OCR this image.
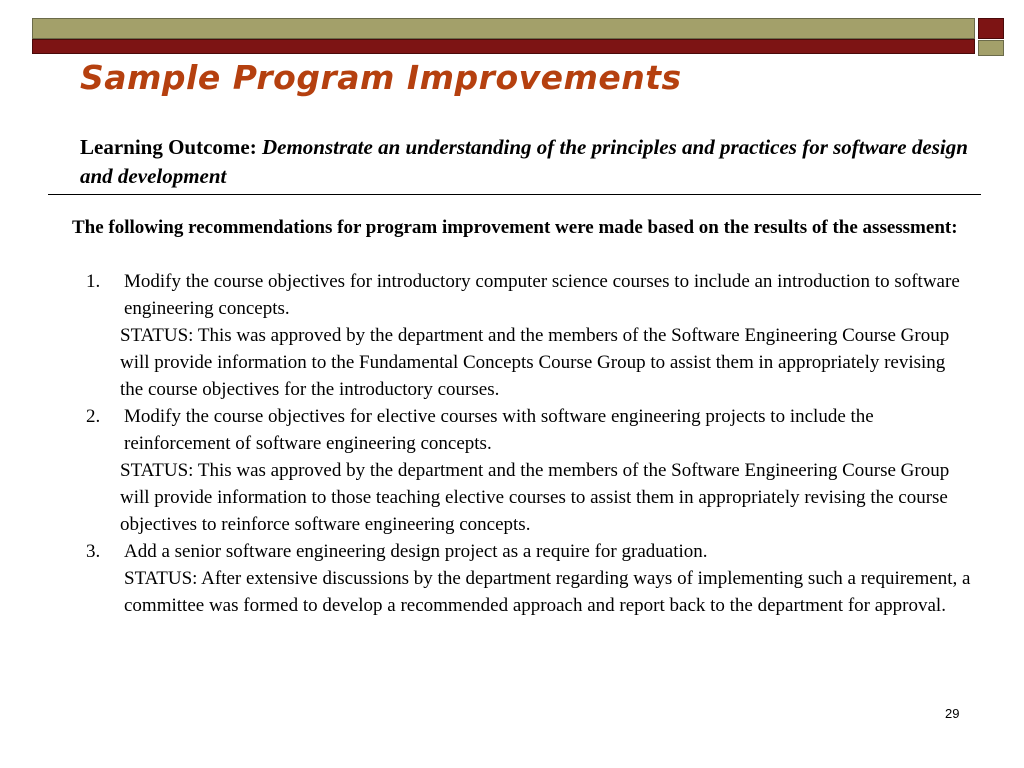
Sample Program Improvements
Learning Outcome: Demonstrate an understanding of the principles and practices for software design and development
The following recommendations for program improvement were made based on the results of the assessment:
1. Modify the course objectives for introductory computer science courses to include an introduction to software engineering concepts.
STATUS: This was approved by the department and the members of the Software Engineering Course Group will provide information to the Fundamental Concepts Course Group to assist them in appropriately revising the course objectives for the introductory courses.
2. Modify the course objectives for elective courses with software engineering projects to include the reinforcement of software engineering concepts.
STATUS: This was approved by the department and the members of the Software Engineering Course Group will provide information to those teaching elective courses to assist them in appropriately revising the course objectives to reinforce software engineering concepts.
3. Add a senior software engineering design project as a require for graduation.
STATUS: After extensive discussions by the department regarding ways of implementing such a requirement, a committee was formed to develop a recommended approach and report back to the department for approval.
29
